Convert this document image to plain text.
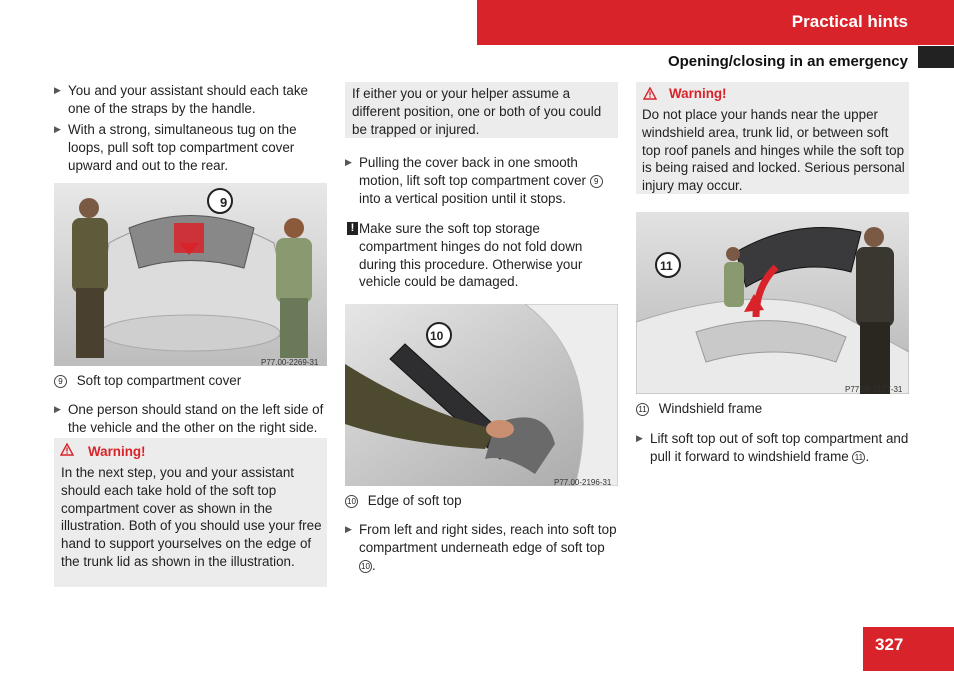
Practical hints
Opening/closing in an emergency
▶ You and your assistant should each take one of the straps by the handle.
▶ With a strong, simultaneous tug on the loops, pull soft top compartment cover upward and out to the rear.
9
P77.00-2269-31
9 Soft top compartment cover
▶ One person should stand on the left side of the vehicle and the other on the right side.
Warning!
In the next step, you and your assistant should each take hold of the soft top compartment cover as shown in the illustration. Both of you should use your free hand to support yourselves on the edge of the trunk lid as shown in the illustration.
If either you or your helper assume a different position, one or both of you could be trapped or injured.
▶ Pulling the cover back in one smooth motion, lift soft top compartment cover 9 into a vertical position until it stops.
! Make sure the soft top storage compartment hinges do not fold down during this procedure. Otherwise your vehicle could be damaged.
10
P77.00-2196-31
10 Edge of soft top
▶ From left and right sides, reach into soft top compartment underneath edge of soft top
10 .
Warning!
Do not place your hands near the upper windshield area, trunk lid, or between soft top roof panels and hinges while the soft top is being raised and locked. Serious personal injury may occur.
11
P77.00-2177-31
11 Windshield frame
▶ Lift soft top out of soft top compartment and pull it forward to windshield frame 11 .
327
